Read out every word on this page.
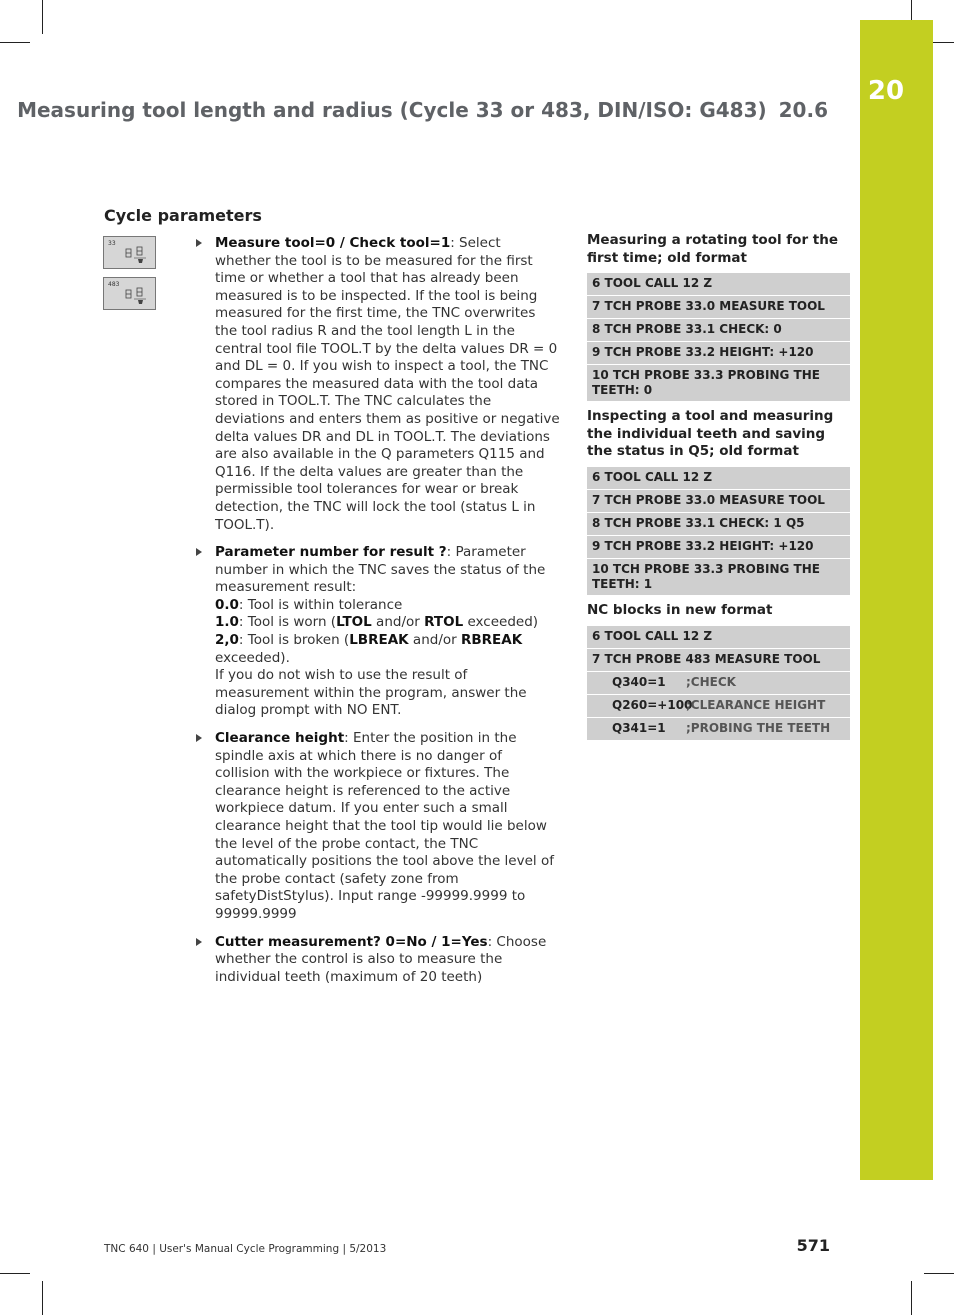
20
Measuring tool length and radius (Cycle 33 or 483, DIN/ISO: G483) 20.6
Cycle parameters
33
483
Measure tool=0 / Check tool=1: Select whether the tool is to be measured for the first time or whether a tool that has already been measured is to be inspected. If the tool is being measured for the first time, the TNC overwrites the tool radius R and the tool length L in the central tool file TOOL.T by the delta values DR = 0 and DL = 0. If you wish to inspect a tool, the TNC compares the measured data with the tool data stored in TOOL.T. The TNC calculates the deviations and enters them as positive or negative delta values DR and DL in TOOL.T. The deviations are also available in the Q parameters Q115 and Q116. If the delta values are greater than the permissible tool tolerances for wear or break detection, the TNC will lock the tool (status L in TOOL.T).
Parameter number for result ?: Parameter number in which the TNC saves the status of the measurement result:
0.0: Tool is within tolerance
1.0: Tool is worn (LTOL and/or RTOL exceeded)
2,0: Tool is broken (LBREAK and/or RBREAK exceeded).
If you do not wish to use the result of measurement within the program, answer the dialog prompt with NO ENT.
Clearance height: Enter the position in the spindle axis at which there is no danger of collision with the workpiece or fixtures. The clearance height is referenced to the active workpiece datum. If you enter such a small clearance height that the tool tip would lie below the level of the probe contact, the TNC automatically positions the tool above the level of the probe contact (safety zone from safetyDistStylus). Input range -99999.9999 to 99999.9999
Cutter measurement? 0=No / 1=Yes: Choose whether the control is also to measure the individual teeth (maximum of 20 teeth)
Measuring a rotating tool for the first time; old format
6 TOOL CALL 12 Z
7 TCH PROBE 33.0 MEASURE TOOL
8 TCH PROBE 33.1 CHECK: 0
9 TCH PROBE 33.2 HEIGHT: +120
10 TCH PROBE 33.3 PROBING THE TEETH: 0
Inspecting a tool and measuring the individual teeth and saving the status in Q5; old format
6 TOOL CALL 12 Z
7 TCH PROBE 33.0 MEASURE TOOL
8 TCH PROBE 33.1 CHECK: 1 Q5
9 TCH PROBE 33.2 HEIGHT: +120
10 TCH PROBE 33.3 PROBING THE TEETH: 1
NC blocks in new format
6 TOOL CALL 12 Z
7 TCH PROBE 483 MEASURE TOOL
Q340=1 ;CHECK
Q260=+100;CLEARANCE HEIGHT
Q341=1 ;PROBING THE TEETH
TNC 640 | User's Manual Cycle Programming | 5/2013	571
